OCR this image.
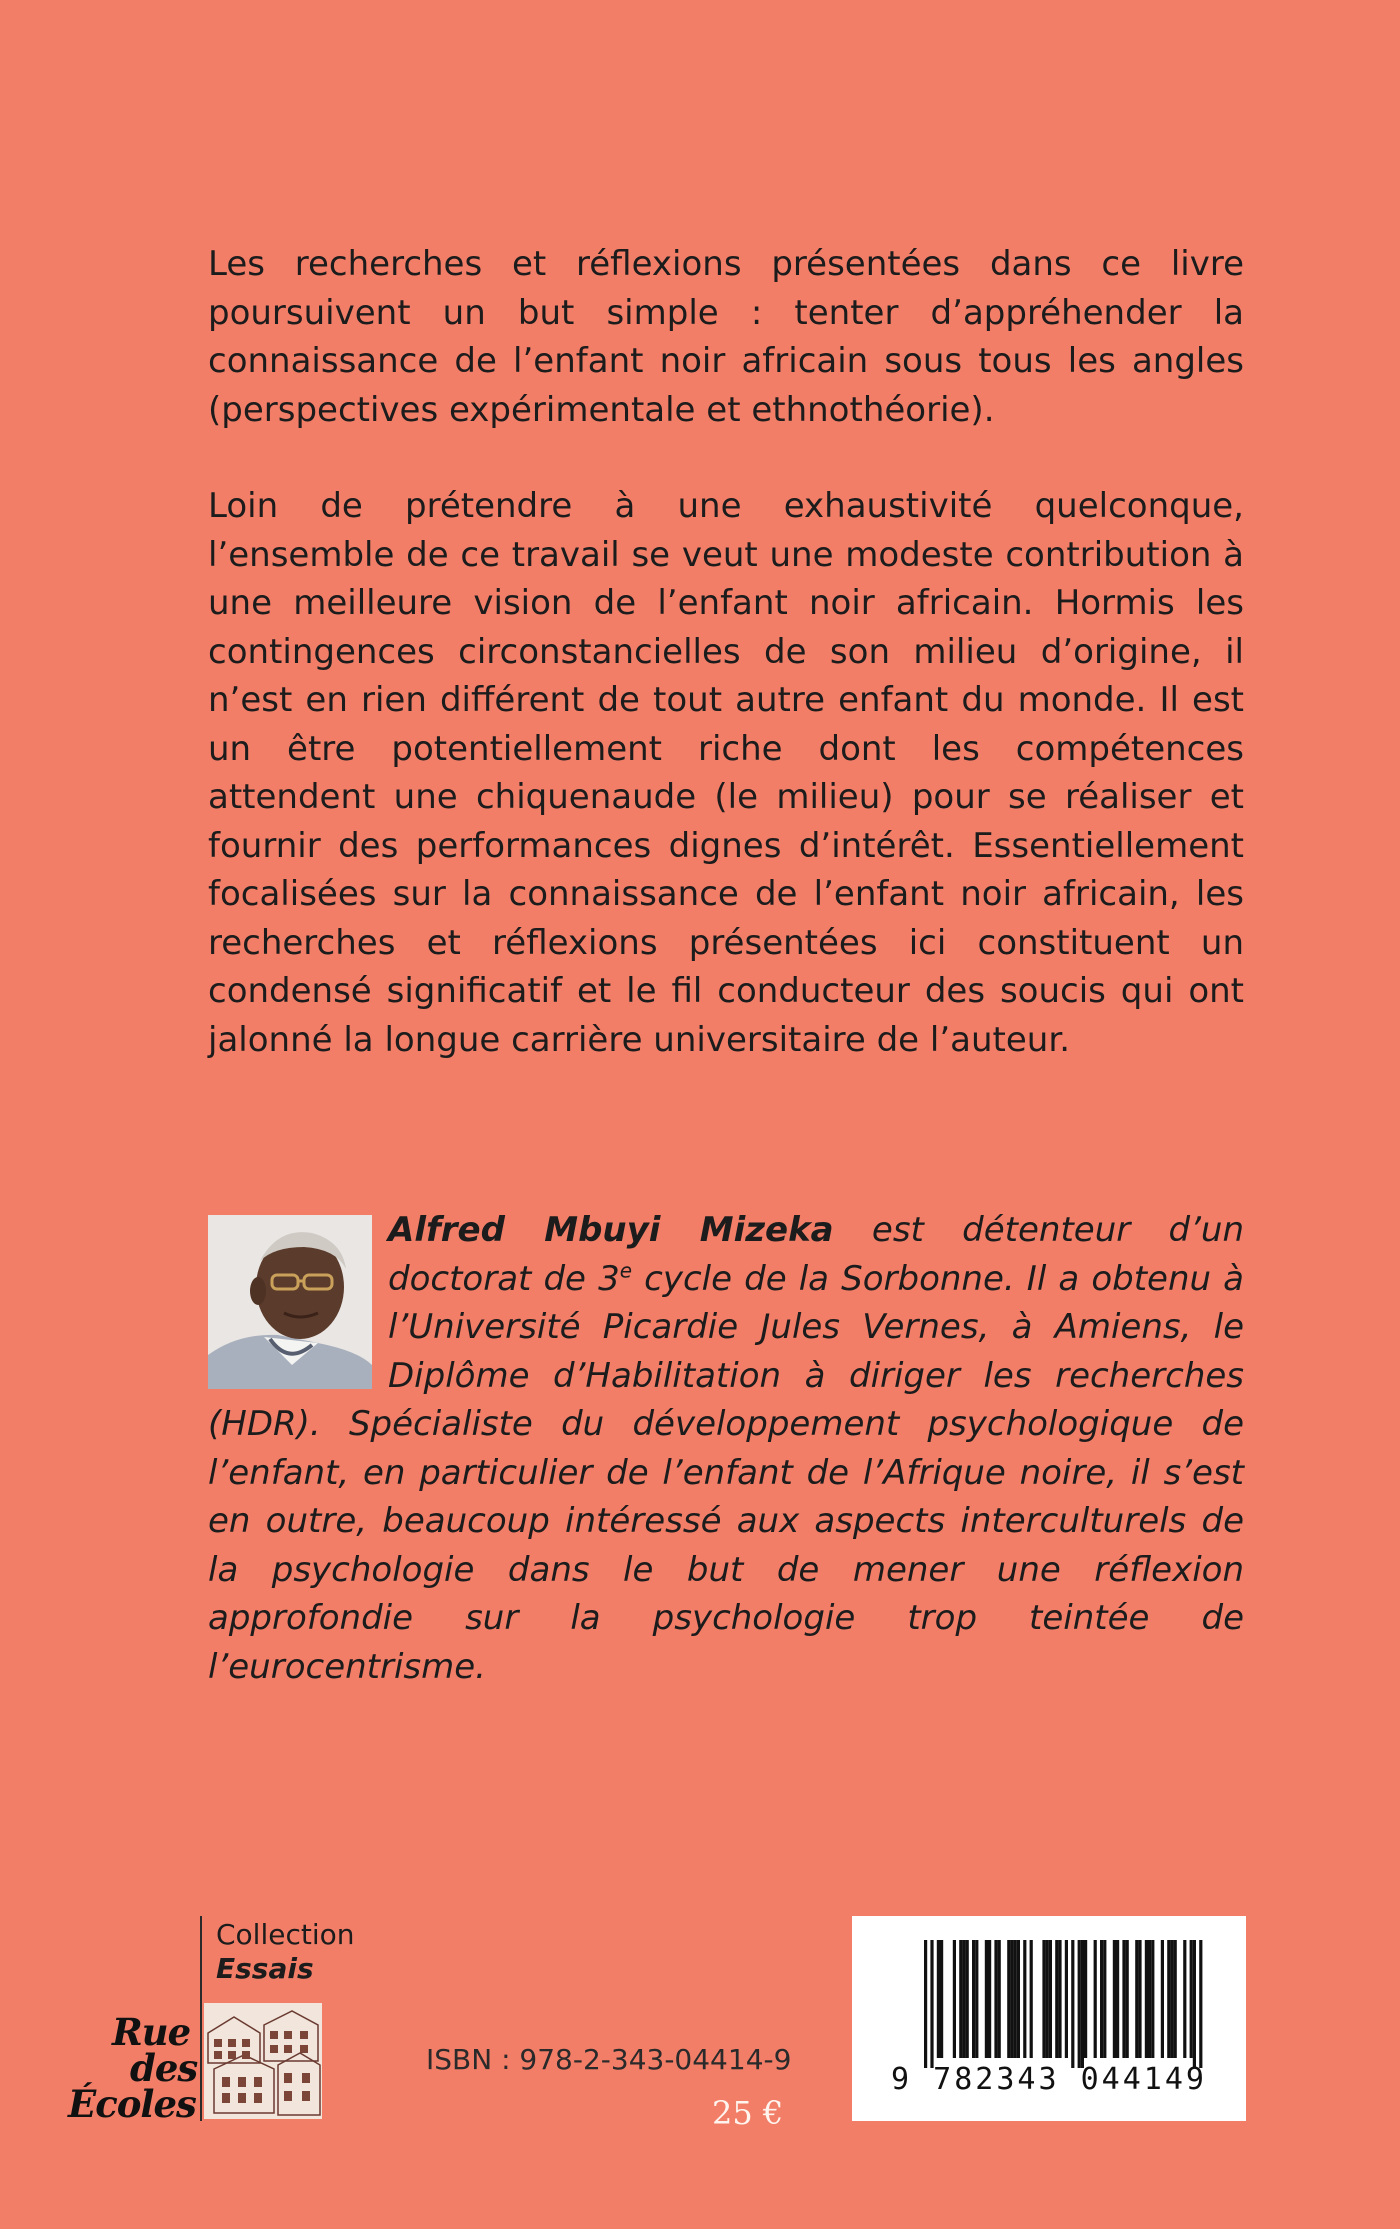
Les recherches et réflexions présentées dans ce livre poursuivent un but simple : tenter d’appréhender la connaissance de l’enfant noir africain sous tous les angles (perspectives expérimentale et ethnothéorie).

Loin de prétendre à une exhaustivité quelconque, l’ensemble de ce travail se veut une modeste contribution à une meilleure vision de l’enfant noir africain. Hormis les contingences circonstancielles de son milieu d’origine, il n’est en rien différent de tout autre enfant du monde. Il est un être potentiellement riche dont les compétences attendent une chiquenaude (le milieu) pour se réaliser et fournir des performances dignes d’intérêt. Essentiellement focalisées sur la connaissance de l’enfant noir africain, les recherches et réflexions présentées ici constituent un condensé significatif et le fil conducteur des soucis qui ont jalonné la longue carrière universitaire de l’auteur.

Alfred Mbuyi Mizeka est détenteur d’un doctorat de 3e cycle de la Sorbonne. Il a obtenu à l’Université Picardie Jules Vernes, à Amiens, le Diplôme d’Habilitation à diriger les recherches (HDR). Spécialiste du développement psychologique de l’enfant, en particulier de l’enfant de l’Afrique noire, il s’est en outre, beaucoup intéressé aux aspects interculturels de la psychologie dans le but de mener une réflexion approfondie sur la psychologie trop teintée de l’eurocentrisme.

Collection
Essais
Rue
des
Écoles
ISBN : 978-2-343-04414-9
25 €
9 782343 044149
